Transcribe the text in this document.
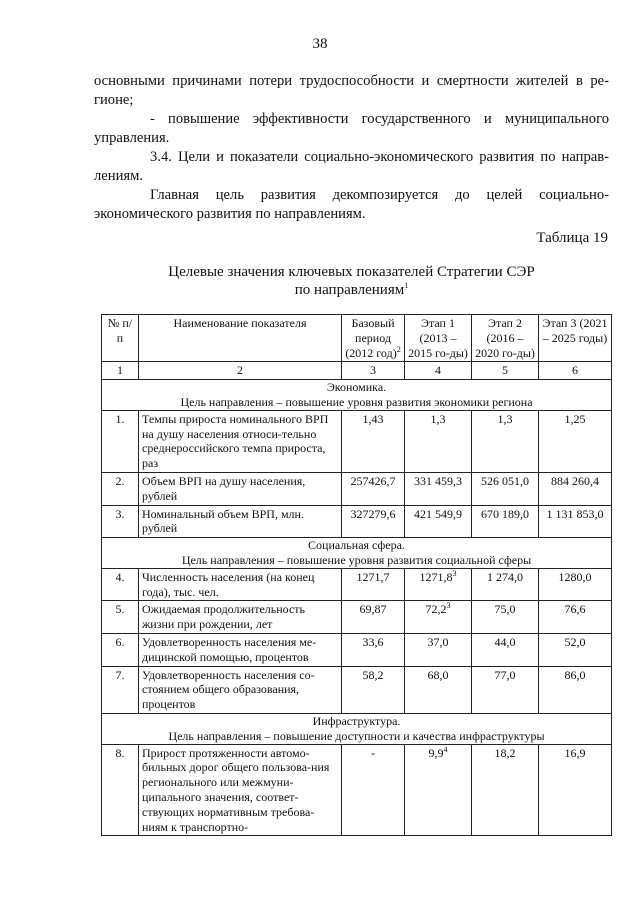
38
основными причинами потери трудоспособности и смертности жителей в ре-гионе;
- повышение эффективности государственного и муниципального управления.
3.4. Цели и показатели социально-экономического развития по направ-лениям.
Главная цель развития декомпозируется до целей социально-экономического развития по направлениям.
Таблица 19
Целевые значения ключевых показателей Стратегии СЭР
по направлениям$^1$
№ п/п	Наименование показателя	Базовый период (2012 год)$^2$	Этап 1 (2013 – 2015 го-ды)	Этап 2 (2016 – 2020 го-ды)	Этап 3 (2021 – 2025 годы)
1	2	3	4	5	6

Экономика.
Цель направления – повышение уровня развития экономики региона					

1.	Темпы прироста номинального ВРП на душу населения относи-тельно среднероссийского темпа прироста, раз	1,43	1,3	1,3	1,25
2.	Объем ВРП на душу населения, рублей	257426,7	331 459,3	526 051,0	884 260,4
3.	Номинальный объем ВРП, млн. рублей	327279,6	421 549,9	670 189,0	1 131 853,0

Социальная сфера.
Цель направления – повышение уровня развития социальной сферы					

4.	Численность населения (на конец года), тыс. чел.	1271,7	1271,8$^3$	1 274,0	1280,0
5.	Ожидаемая продолжительность жизни при рождении, лет	69,87	72,2$^3$	75,0	76,6
6.	Удовлетворенность населения ме-дицинской помощью, процентов	33,6	37,0	44,0	52,0
7.	Удовлетворенность населения со-стоянием общего образования, процентов	58,2	68,0	77,0	86,0

Инфраструктура.
Цель направления – повышение доступности и качества инфраструктуры					

8.	Прирост протяженности автомо-бильных дорог общего пользова-ния регионального или межмуни-ципального значения, соответ-ствующих нормативным требова-ниям к транспортно-	-	$9,9^4$	18,2	16,9
